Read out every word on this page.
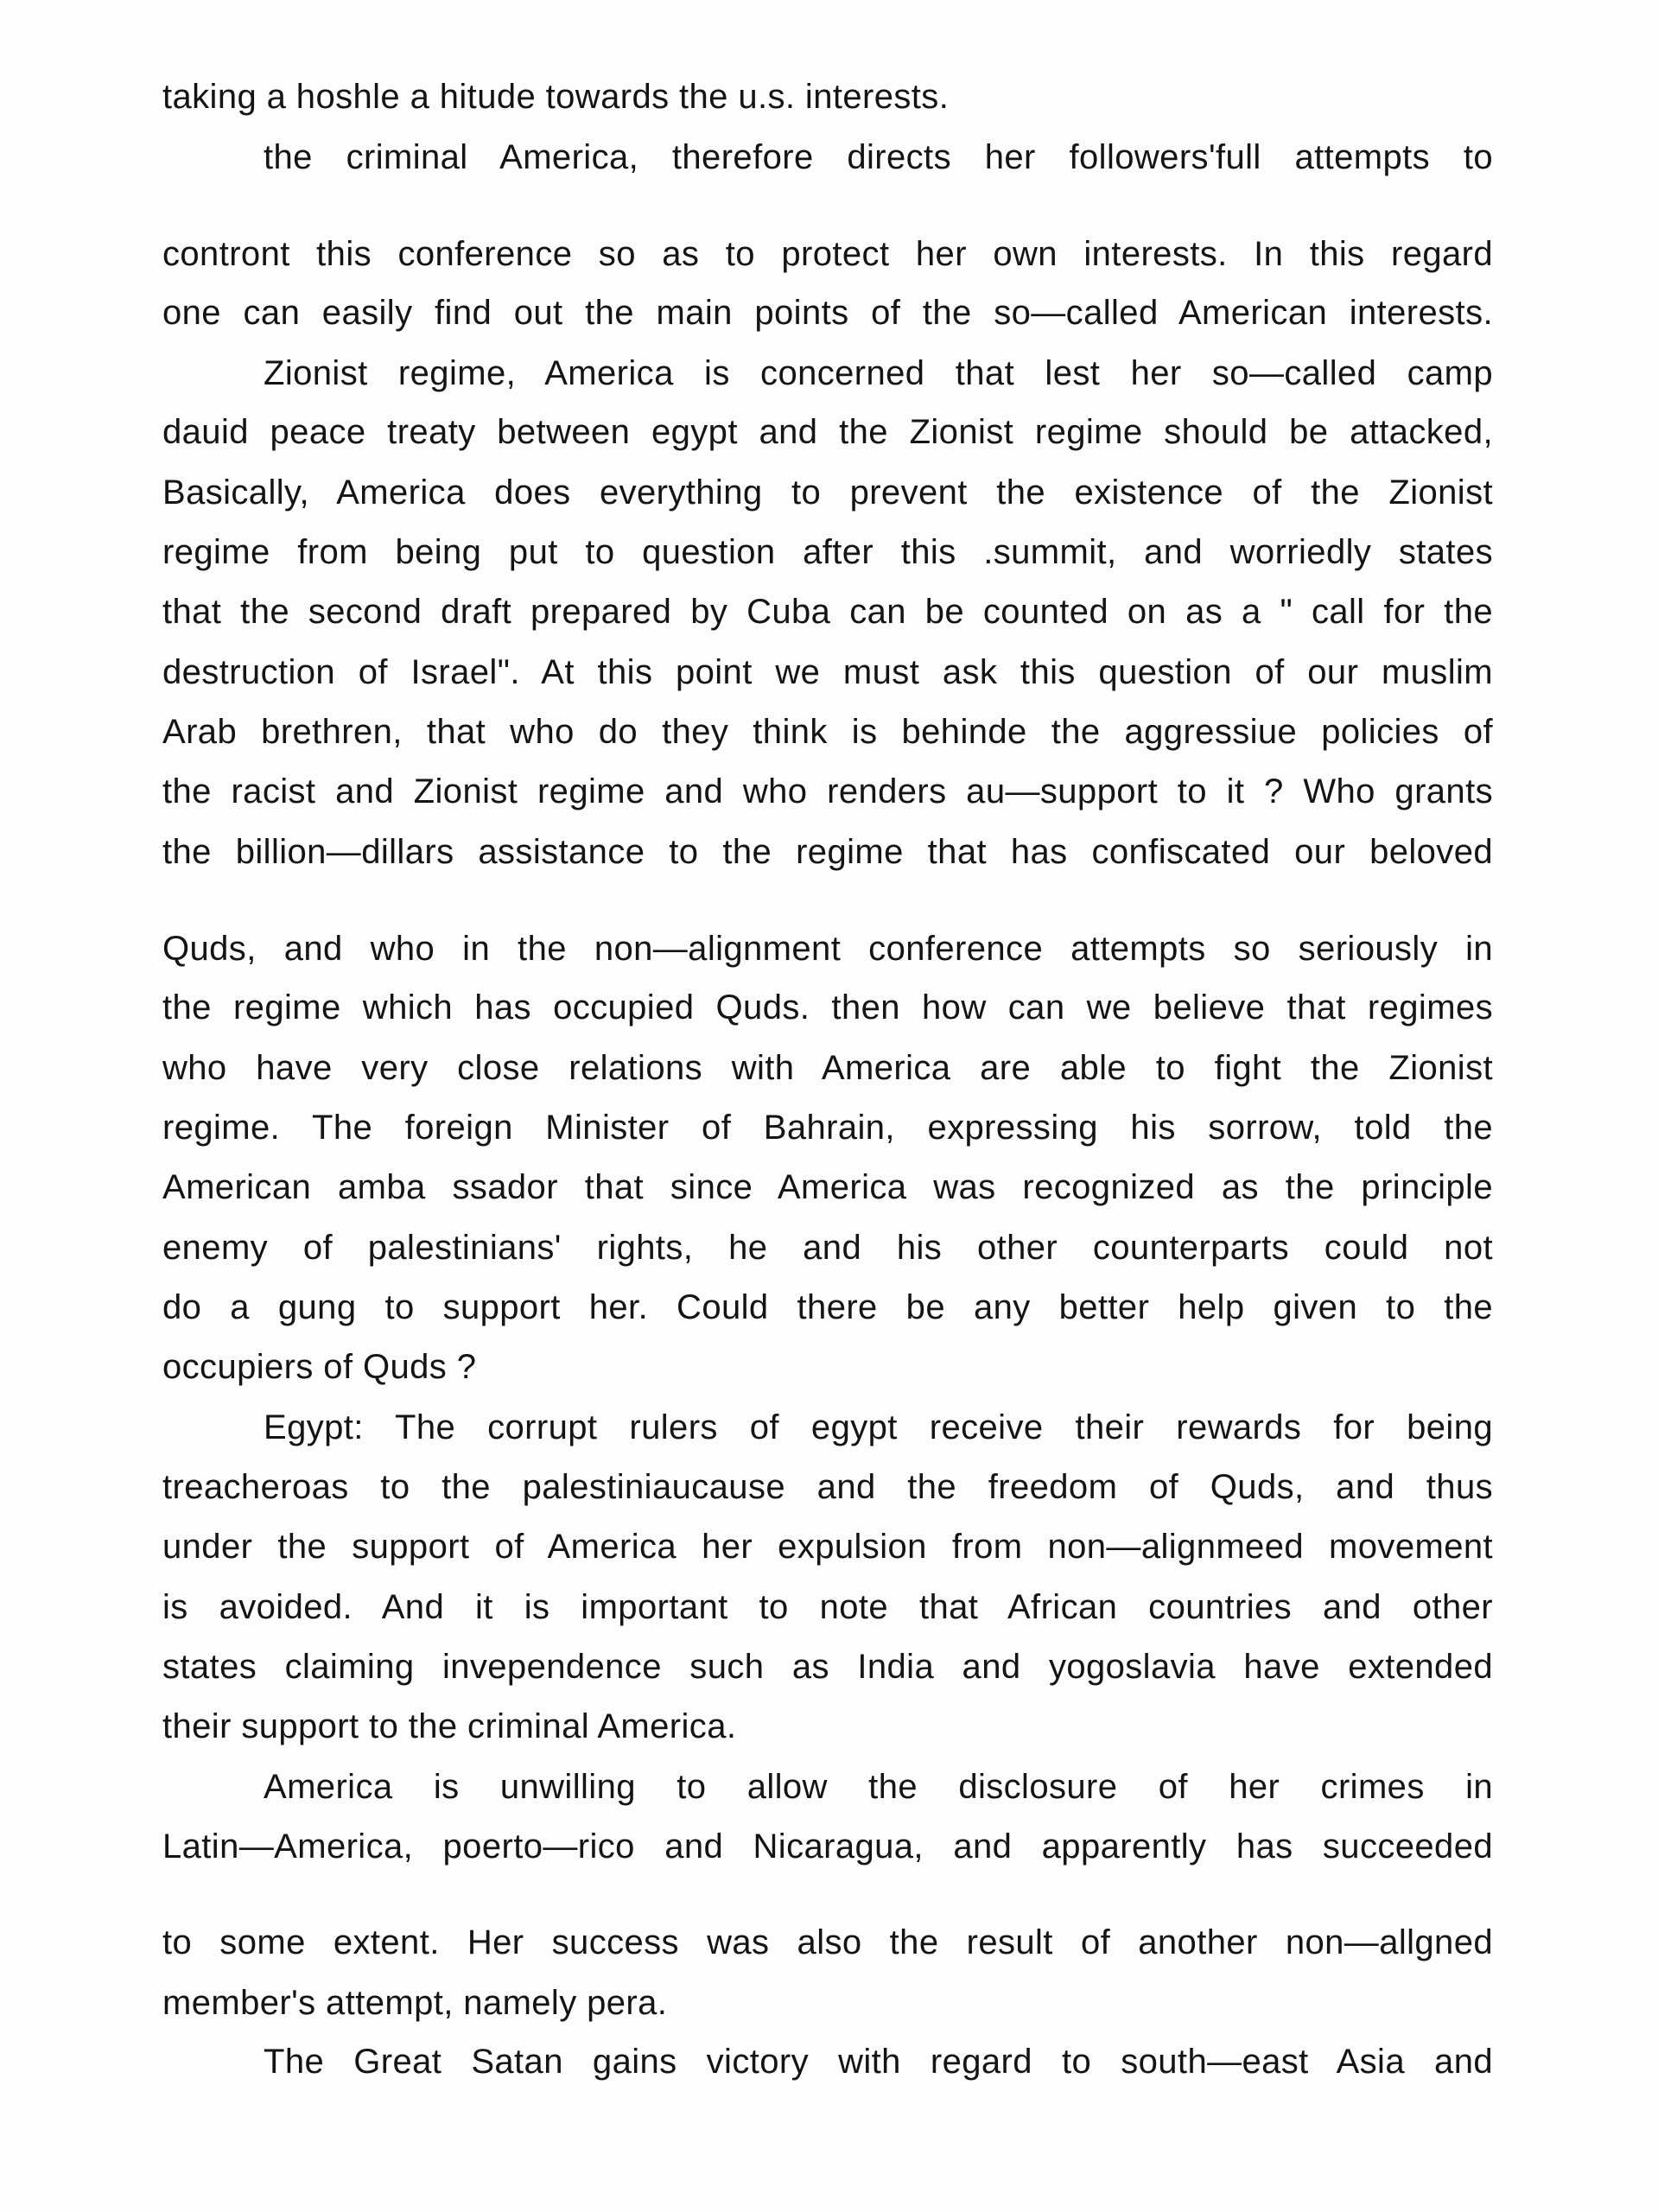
taking a hoshle a hitude towards the u.s. interests.
the criminal America, therefore directs her followers'full attempts to
contront this conference so as to protect her own interests. In this regard
one can easily find out the main points of the so—called American interests.
Zionist regime, America is concerned that lest her so—called camp
dauid peace treaty between egypt and the Zionist regime should be attacked,
Basically, America does everything to prevent the existence of the Zionist
regime from being put to question after this .summit, and worriedly states
that the second draft prepared by Cuba can be counted on as a " call for the
destruction of Israel". At this point we must ask this question of our muslim
Arab brethren, that who do they think is behinde the aggressiue policies of
the racist and Zionist regime and who renders au—support to it ? Who grants
the billion—dillars assistance to the regime that has confiscated our beloved
Quds, and who in the non—alignment conference attempts so seriously in
the regime which has occupied Quds. then how can we believe that regimes
who have very close relations with America are able to fight the Zionist
regime. The foreign Minister of Bahrain, expressing his sorrow, told the
American amba ssador that since America was recognized as the principle
enemy of palestinians' rights, he and his other counterparts could not
do a gung to support her. Could there be any better help given to the
occupiers of Quds ?
Egypt: The corrupt rulers of egypt receive their rewards for being
treacheroas to the palestiniaucause and the freedom of Quds, and thus
under the support of America her expulsion from non—alignmeed movement
is avoided. And it is important to note that African countries and other
states claiming invependence such as India and yogoslavia have extended
their support to the criminal America.
America is unwilling to allow the disclosure of her crimes in
Latin—America, poerto—rico and Nicaragua, and apparently has succeeded
to some extent. Her success was also the result of another non—allgned
member's attempt, namely pera.
The Great Satan gains victory with regard to south—east Asia and
